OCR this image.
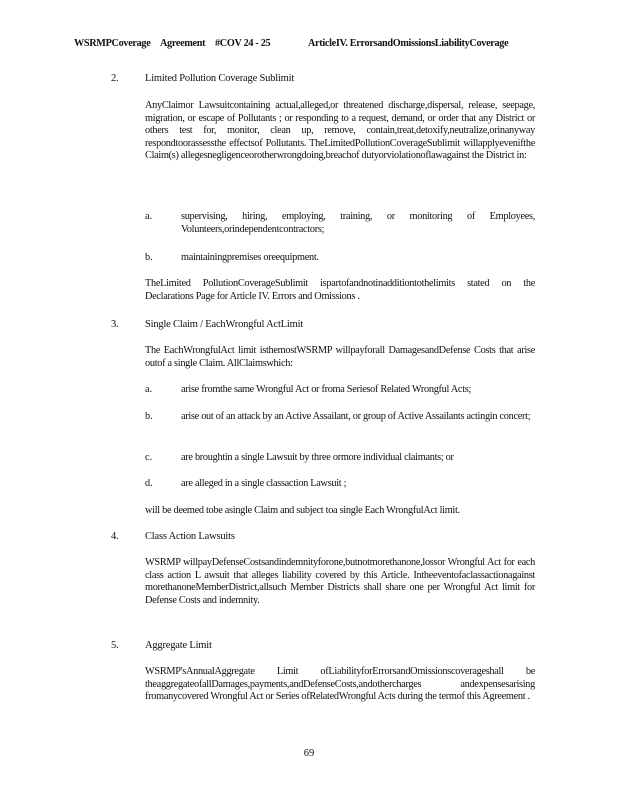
WSRMPCoverage Agreement #COV 24 - 25	ArticleIV. ErrorsandOmissionsLiabilityCoverage
2.	Limited Pollution Coverage Sublimit
AnyClaimor Lawsuitcontaining actual,alleged,or threatened discharge,dispersal, release, seepage, migration, or escape of Pollutants ; or responding to a request, demand, or order that any District or others test for, monitor, clean up, remove, contain,treat,detoxify,neutralize,orinanyway respondtoorassessthe effectsof Pollutants. TheLimitedPollutionCoverageSublimit willapplyevenifthe Claim(s) allegesnegligenceorotherwrongdoing,breachof dutyorviolationoflawagainst the District in:
a.	supervising, hiring, employing, training, or monitoring of Employees, Volunteers,orindependentcontractors;
b.	maintainingpremises oreequipment.
TheLimited PollutionCoverageSublimit ispartofandnotinadditiontothelimits stated on the Declarations Page for Article IV. Errors and Omissions .
3.	Single Claim / EachWrongful ActLimit
The EachWrongfulAct limit isthemostWSRMP willpayforall DamagesandDefense Costs that arise outof a single Claim. AllClaimswhich:
a.	arise fromthe same Wrongful Act or froma Seriesof Related Wrongful Acts;
b.	arise out of an attack by an Active Assailant, or group of Active Assailants actingin concert;
c.	are broughtin a single Lawsuit by three ormore individual claimants; or
d.	are alleged in a single classaction Lawsuit ;
will be deemed tobe asingle Claim and subject toa single Each WrongfulAct limit.
4.	Class Action Lawsuits
WSRMP willpayDefenseCostsandindemnityforone,butnotmorethanone,lossor Wrongful Act for each class action L awsuit that alleges liability covered by this Article. Intheeventofaclassactionagainst morethanoneMemberDistrict,allsuch Member Districts shall share one per Wrongful Act limit for Defense Costs and indemnity.
5.	Aggregate Limit
WSRMP'sAnnualAggregate Limit ofLiabilityforErrorsandOmissionscoverageshall be theaggregateofallDamages,payments,andDefenseCosts,andothercharges andexpensesarising fromanycovered Wrongful Act or Series ofRelatedWrongful Acts during the termof this Agreement .
69
